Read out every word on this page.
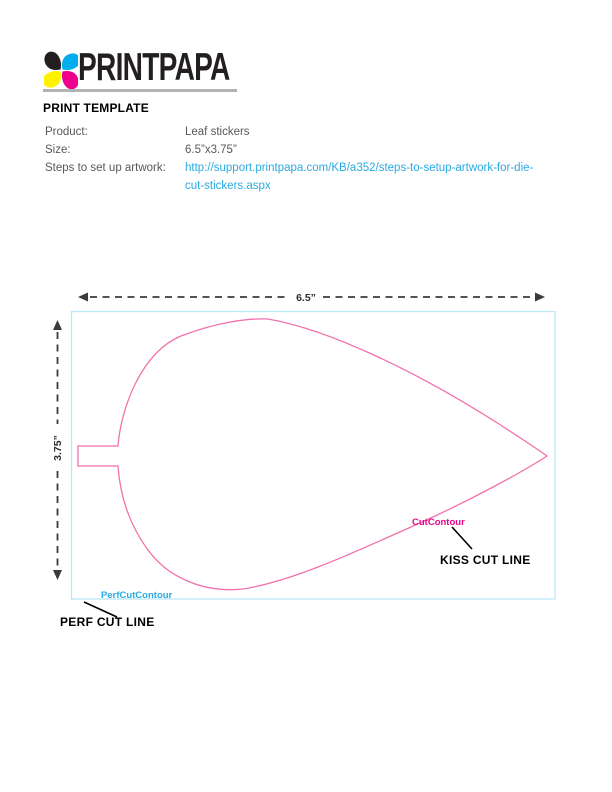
PRINTPAPA
PRINT TEMPLATE
Product:	Leaf stickers
Size:	6.5”x3.75”
Steps to set up artwork:	http://support.printpapa.com/KB/a352/steps-to-setup-artwork-for-die-
cut-stickers.aspx
6.5”
3.75”
CutContour
KISS CUT LINE
PerfCutContour
PERF CUT LINE
